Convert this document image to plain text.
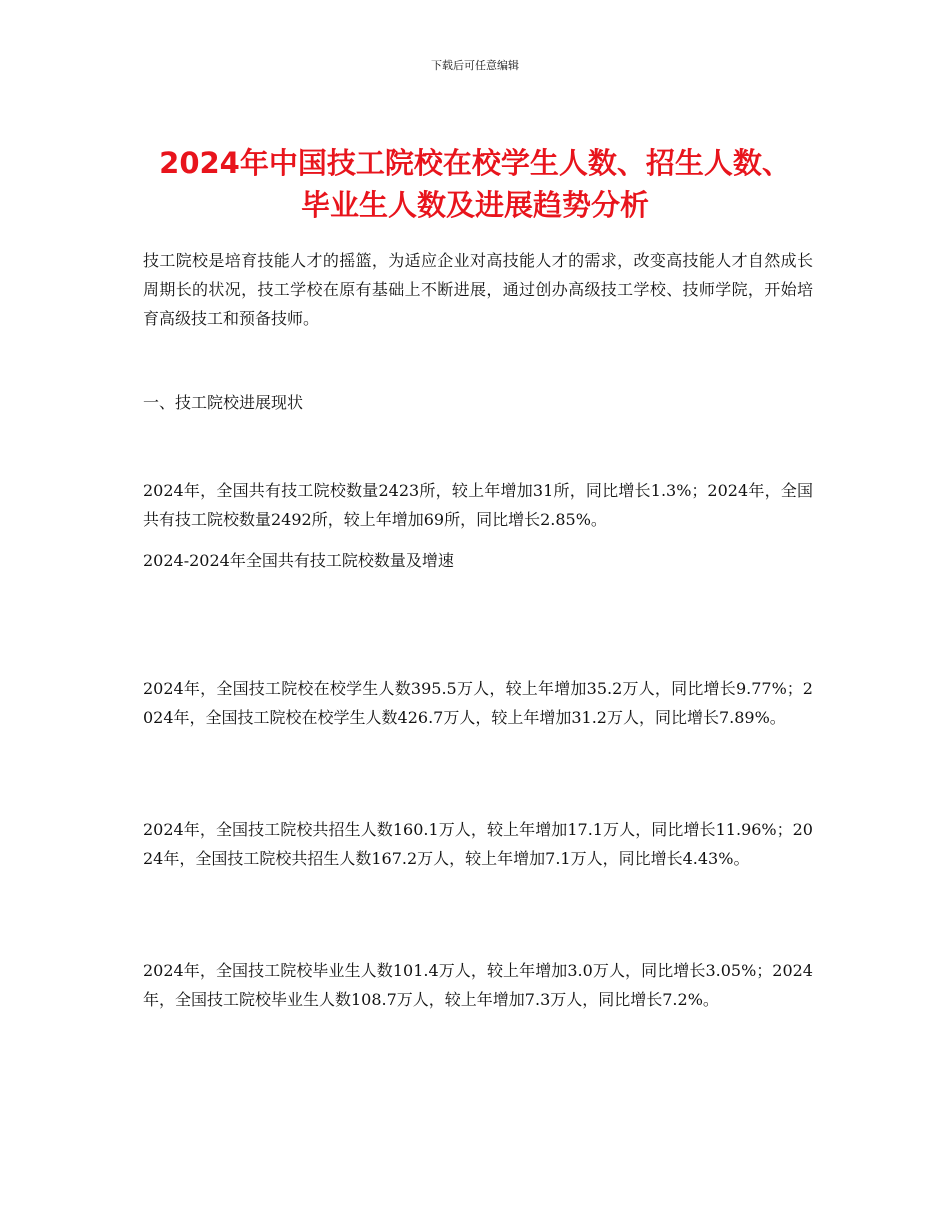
下载后可任意编辑
2024年中国技工院校在校学生人数、招生人数、毕业生人数及进展趋势分析

技工院校是培育技能人才的摇篮，为适应企业对高技能人才的需求，改变高技能人才自然成长周期长的状况，技工学校在原有基础上不断进展，通过创办高级技工学校、技师学院，开始培育高级技工和预备技师。

一、技工院校进展现状

2024年，全国共有技工院校数量2423所，较上年增加31所，同比增长1.3%；2024年，全国共有技工院校数量2492所，较上年增加69所，同比增长2.85%。

2024-2024年全国共有技工院校数量及增速

2024年，全国技工院校在校学生人数395.5万人，较上年增加35.2万人，同比增长9.77%；2024年，全国技工院校在校学生人数426.7万人，较上年增加31.2万人，同比增长7.89%。

2024年，全国技工院校共招生人数160.1万人，较上年增加17.1万人，同比增长11.96%；2024年，全国技工院校共招生人数167.2万人，较上年增加7.1万人，同比增长4.43%。

2024年，全国技工院校毕业生人数101.4万人，较上年增加3.0万人，同比增长3.05%；2024年，全国技工院校毕业生人数108.7万人，较上年增加7.3万人，同比增长7.2%。
